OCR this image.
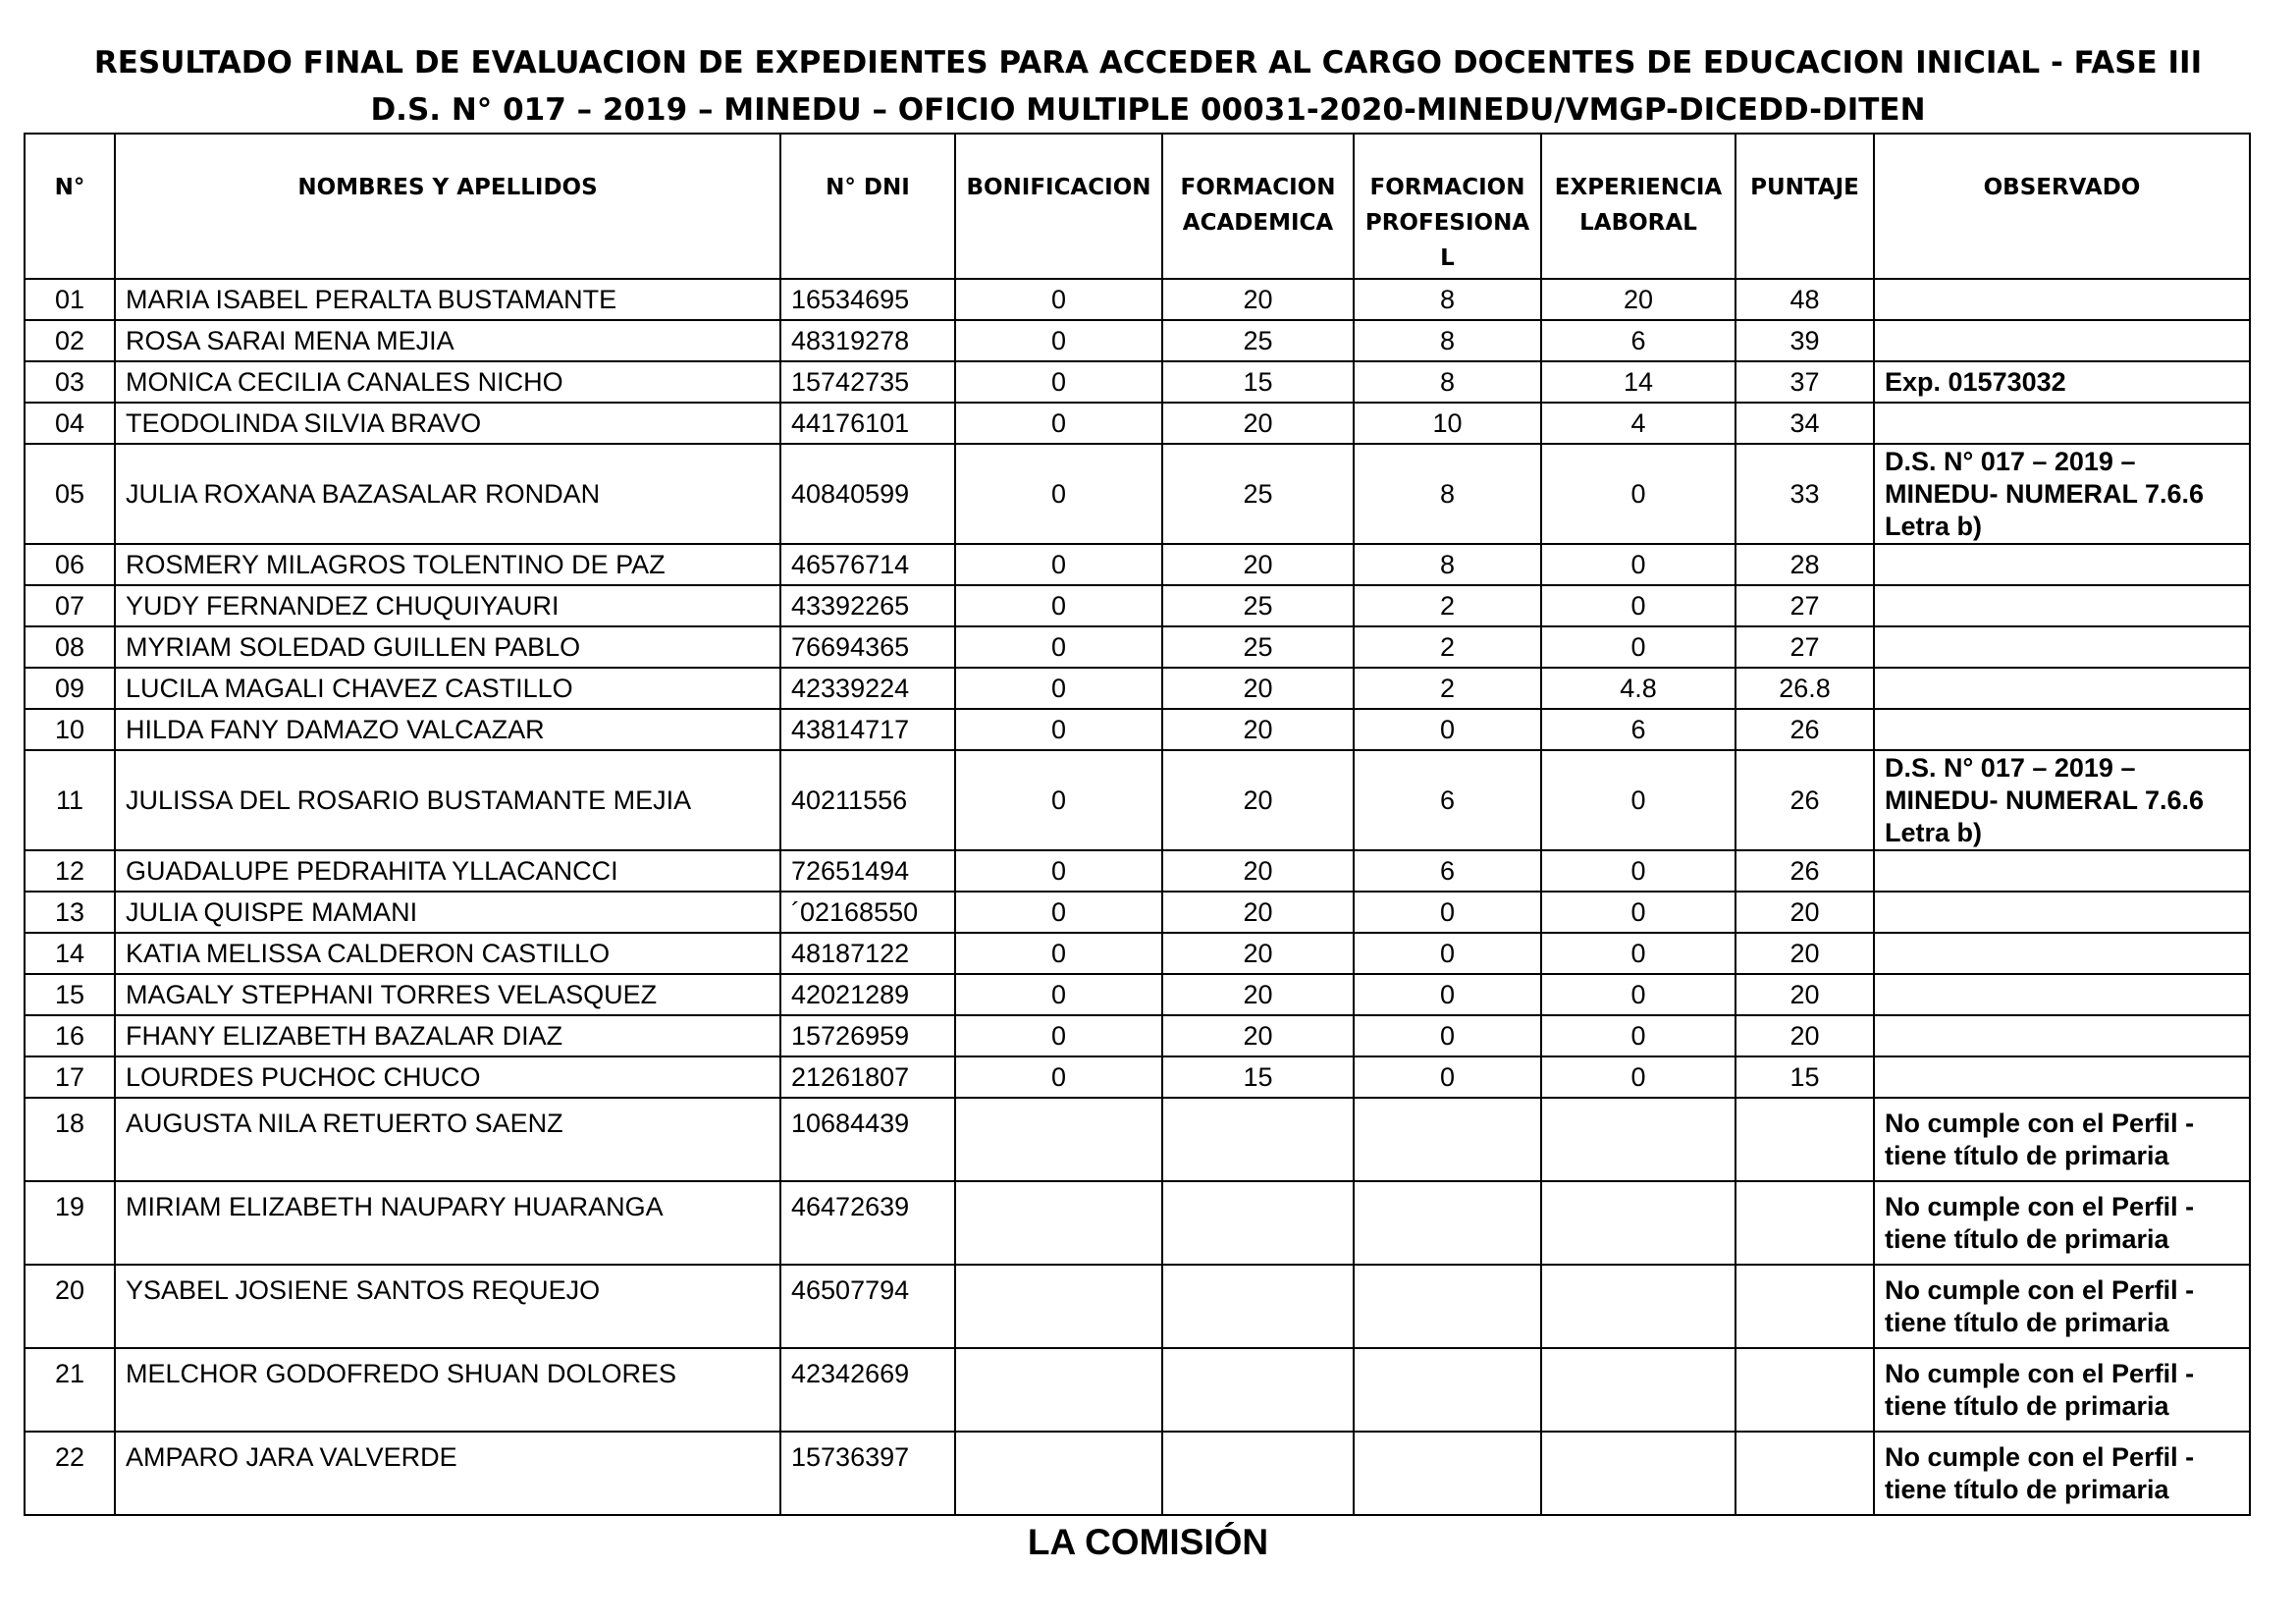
RESULTADO FINAL DE EVALUACION DE EXPEDIENTES PARA ACCEDER AL CARGO DOCENTES DE EDUCACION INICIAL - FASE III
D.S. N° 017 – 2019 – MINEDU – OFICIO MULTIPLE 00031-2020-MINEDU/VMGP-DICEDD-DITEN
N°	NOMBRES Y APELLIDOS	N° DNI	BONIFICACION	FORMACION ACADEMICA	FORMACION PROFESIONA L	EXPERIENCIA LABORAL	PUNTAJE	OBSERVADO
01	MARIA ISABEL PERALTA BUSTAMANTE	16534695	0	20	8	20	48	
02	ROSA SARAI MENA MEJIA	48319278	0	25	8	6	39	
03	MONICA CECILIA CANALES NICHO	15742735	0	15	8	14	37	Exp. 01573032
04	TEODOLINDA SILVIA BRAVO	44176101	0	20	10	4	34	
05	JULIA ROXANA BAZASALAR RONDAN	40840599	0	25	8	0	33	D.S. N° 017 – 2019 – MINEDU- NUMERAL 7.6.6 Letra b)
06	ROSMERY MILAGROS TOLENTINO DE PAZ	46576714	0	20	8	0	28	
07	YUDY FERNANDEZ CHUQUIYAURI	43392265	0	25	2	0	27	
08	MYRIAM SOLEDAD GUILLEN PABLO	76694365	0	25	2	0	27	
09	LUCILA MAGALI CHAVEZ CASTILLO	42339224	0	20	2	4.8	26.8	
10	HILDA FANY DAMAZO VALCAZAR	43814717	0	20	0	6	26	
11	JULISSA DEL ROSARIO BUSTAMANTE MEJIA	40211556	0	20	6	0	26	D.S. N° 017 – 2019 – MINEDU- NUMERAL 7.6.6 Letra b)
12	GUADALUPE PEDRAHITA YLLACANCCI	72651494	0	20	6	0	26	
13	JULIA QUISPE MAMANI	´02168550	0	20	0	0	20	
14	KATIA MELISSA CALDERON CASTILLO	48187122	0	20	0	0	20	
15	MAGALY STEPHANI TORRES VELASQUEZ	42021289	0	20	0	0	20	
16	FHANY ELIZABETH BAZALAR DIAZ	15726959	0	20	0	0	20	
17	LOURDES PUCHOC CHUCO	21261807	0	15	0	0	15	
18	AUGUSTA NILA RETUERTO SAENZ	10684439						No cumple con el Perfil - tiene título de primaria
19	MIRIAM ELIZABETH NAUPARY HUARANGA	46472639						No cumple con el Perfil - tiene título de primaria
20	YSABEL JOSIENE SANTOS REQUEJO	46507794						No cumple con el Perfil - tiene título de primaria
21	MELCHOR GODOFREDO SHUAN DOLORES	42342669						No cumple con el Perfil - tiene título de primaria
22	AMPARO JARA VALVERDE	15736397						No cumple con el Perfil - tiene título de primaria
LA COMISIÓN
